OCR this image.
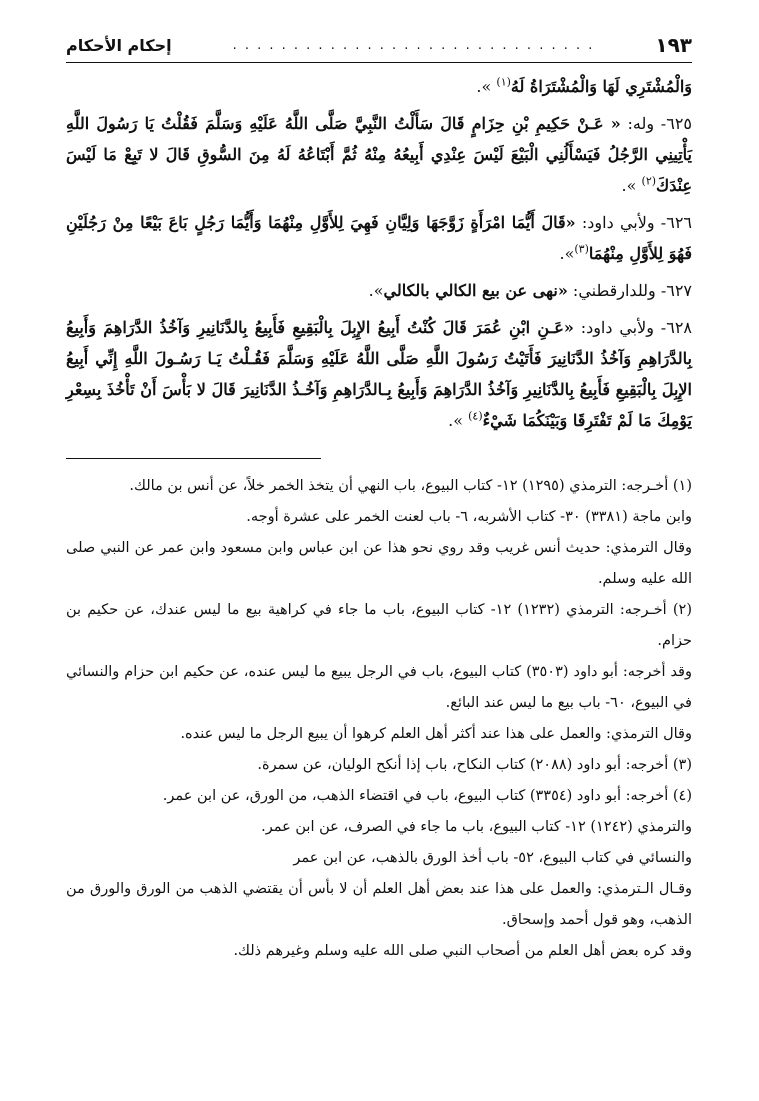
١٩٣
. . . . . . . . . . . . . . . . . . . . . . . . . . . . . .
إحكام الأحكام

وَالْمُشْتَرِي لَهَا وَالْمُشْتَرَاةُ لَهُ$^{(١)}$ ».

٦٢٥- وله: « عَـنْ حَكِيمِ بْنِ حِزَامٍ قَالَ سَأَلْتُ النَّبِيَّ صَلَّى اللَّهُ عَلَيْهِ وَسَلَّمَ فَقُلْتُ يَا رَسُولَ اللَّهِ يَأْتِينِي الرَّجُلُ فَيَسْأَلُنِي الْبَيْعَ لَيْسَ عِنْدِي أَبِيعُهُ مِنْهُ ثُمَّ أَبْتَاعُهُ لَهُ مِنَ السُّوقِ قَالَ لا تَبِعْ مَا لَيْسَ عِنْدَكَ$^{(٢)}$ ».

٦٢٦- ولأبي داود: «قَالَ أَيُّمَا امْرَأَةٍ زَوَّجَهَا وَلِيَّانِ فَهِيَ لِلأَوَّلِ مِنْهُمَا وَأَيُّمَا رَجُلٍ بَاعَ بَيْعًا مِنْ رَجُلَيْنِ فَهُوَ لِلأَوَّلِ مِنْهُمَا$^{(٣)}$».

٦٢٧- وللدارقطني: «نهى عن بيع الكالي بالكالي».

٦٢٨- ولأبي داود: «عَـنِ ابْنِ عُمَرَ قَالَ كُنْتُ أَبِيعُ الإِبِلَ بِالْبَقِيعِ فَأَبِيعُ بِالدَّنَانِيرِ وَآخُذُ الدَّرَاهِمَ وَأَبِيعُ بِالدَّرَاهِمِ وَآخُذُ الدَّنَانِيرَ فَأَتَيْتُ رَسُولَ اللَّهِ صَلَّى اللَّهُ عَلَيْهِ وَسَلَّمَ فَقُـلْتُ يَـا رَسُـولَ اللَّهِ إِنِّي أَبِيعُ الإِبِلَ بِالْبَقِيعِ فَأَبِيعُ بِالدَّنَانِيرِ وَآخُذُ الدَّرَاهِمَ وَأَبِيعُ بِـالدَّرَاهِمِ وَآخُـذُ الدَّنَانِيرَ قَالَ لا بَأْسَ أَنْ تَأْخُذَ بِسِعْرِ يَوْمِكَ مَا لَمْ تَفْتَرِقَا وَبَيْنَكُمَا شَيْءٌ$^{(٤)}$ ».

(١) أخـرجه: الترمذي (١٢٩٥) ١٢- كتاب البيوع، باب النهي أن يتخذ الخمر خلاً، عن أنس بن مالك.

وابن ماجة (٣٣٨١) ٣٠- كتاب الأشربه، ٦- باب لعنت الخمر على عشرة أوجه.

وقال الترمذي: حديث أنس غريب وقد روي نحو هذا عن ابن عباس وابن مسعود وابن عمر عن النبي صلى الله عليه وسلم.

(٢) أخـرجه: الترمذي (١٢٣٢) ١٢- كتاب البيوع، باب ما جاء في كراهية بيع ما ليس عندك، عن حكيم بن حزام.

وقد أخرجه: أبو داود (٣٥٠٣) كتاب البيوع، باب في الرجل يبيع ما ليس عنده، عن حكيم ابن حزام والنسائي في البيوع، ٦٠- باب بيع ما ليس عند البائع.

وقال الترمذي: والعمل على هذا عند أكثر أهل العلم كرهوا أن يبيع الرجل ما ليس عنده.

(٣) أخرجه: أبو داود (٢٠٨٨) كتاب النكاح، باب إذا أنكح الوليان، عن سمرة.

(٤) أخرجه: أبو داود (٣٣٥٤) كتاب البيوع، باب في اقتضاء الذهب، من الورق، عن ابن عمر.

والترمذي (١٢٤٢) ١٢- كتاب البيوع، باب ما جاء في الصرف، عن ابن عمر.

والنسائي في كتاب البيوع، ٥٢- باب أخذ الورق بالذهب، عن ابن عمر

وقـال الـترمذي: والعمل على هذا عند بعض أهل العلم أن لا بأس أن يقتضي الذهب من الورق والورق من الذهب، وهو قول أحمد وإسحاق.

وقد كره بعض أهل العلم من أصحاب النبي صلى الله عليه وسلم وغيرهم ذلك.
